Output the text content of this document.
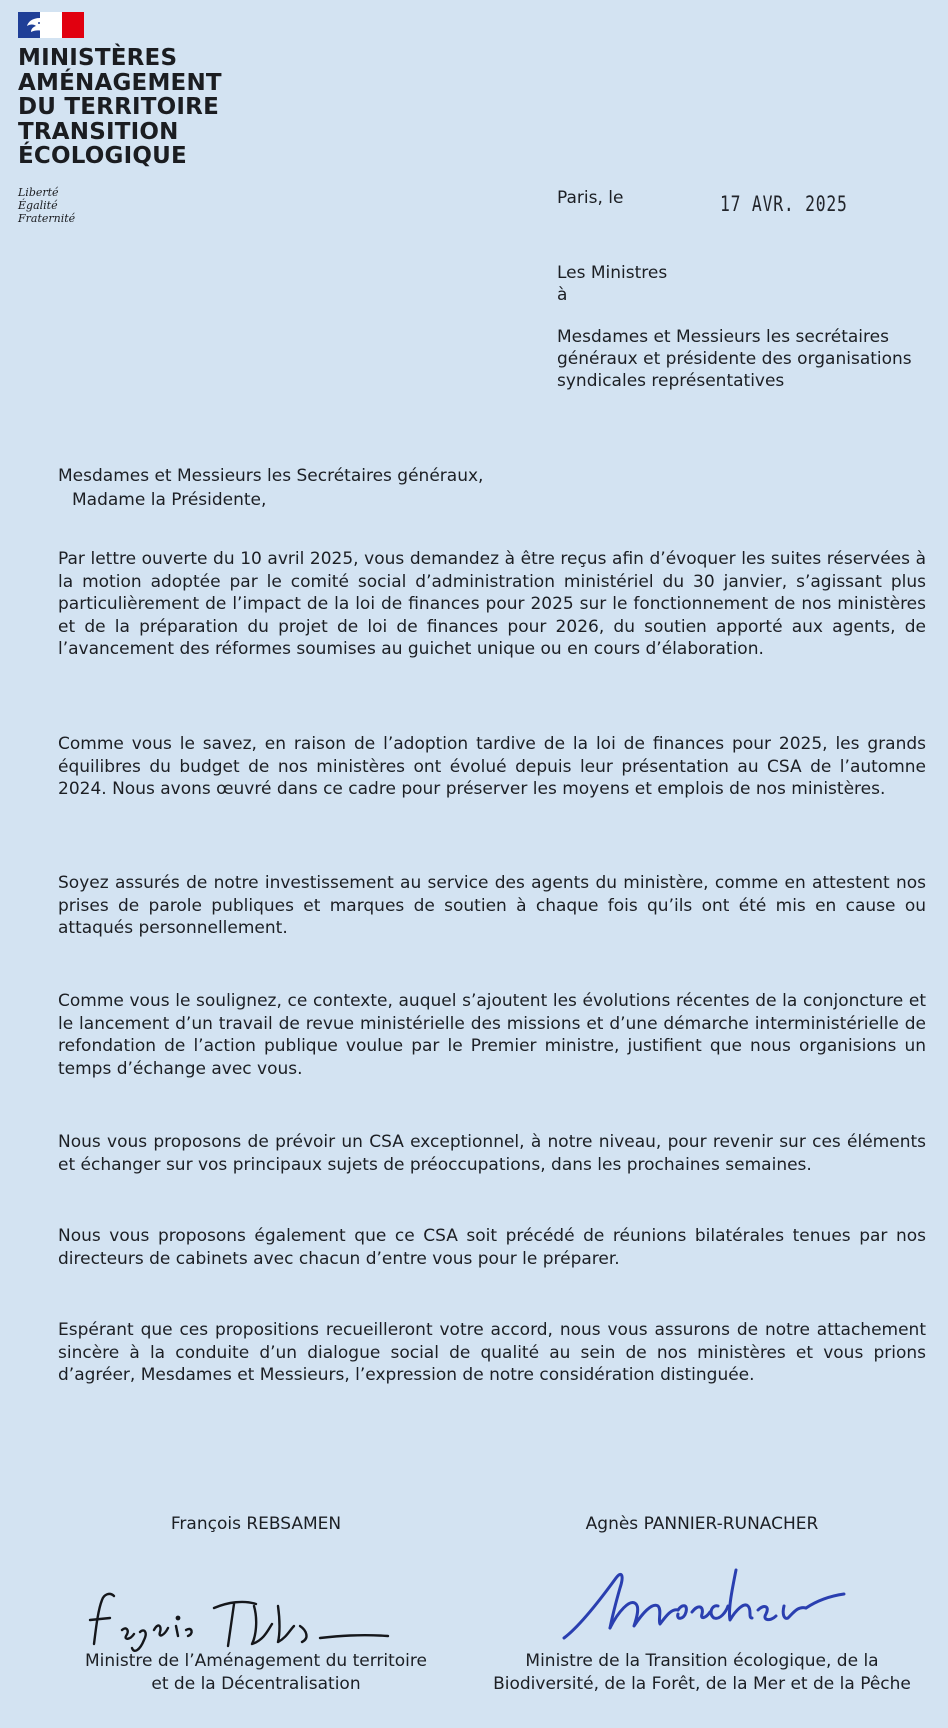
MINISTÈRES
AMÉNAGEMENT
DU TERRITOIRE
TRANSITION
ÉCOLOGIQUE
Liberté
Égalité
Fraternité
Paris, le	17 AVR. 2025
Les Ministres
à
Mesdames et Messieurs les secrétaires
généraux et présidente des organisations
syndicales représentatives
Mesdames et Messieurs les Secrétaires généraux,
Madame la Présidente,
Par lettre ouverte du 10 avril 2025, vous demandez à être reçus afin d’évoquer les suites réservées à la motion adoptée par le comité social d’administration ministériel du 30 janvier, s’agissant plus particulièrement de l’impact de la loi de finances pour 2025 sur le fonctionnement de nos ministères et de la préparation du projet de loi de finances pour 2026, du soutien apporté aux agents, de l’avancement des réformes soumises au guichet unique ou en cours d’élaboration.
Comme vous le savez, en raison de l’adoption tardive de la loi de finances pour 2025, les grands équilibres du budget de nos ministères ont évolué depuis leur présentation au CSA de l’automne 2024. Nous avons œuvré dans ce cadre pour préserver les moyens et emplois de nos ministères.
Soyez assurés de notre investissement au service des agents du ministère, comme en attestent nos prises de parole publiques et marques de soutien à chaque fois qu’ils ont été mis en cause ou attaqués personnellement.
Comme vous le soulignez, ce contexte, auquel s’ajoutent les évolutions récentes de la conjoncture et le lancement d’un travail de revue ministérielle des missions et d’une démarche interministérielle de refondation de l’action publique voulue par le Premier ministre, justifient que nous organisions un temps d’échange avec vous.
Nous vous proposons de prévoir un CSA exceptionnel, à notre niveau, pour revenir sur ces éléments et échanger sur vos principaux sujets de préoccupations, dans les prochaines semaines.
Nous vous proposons également que ce CSA soit précédé de réunions bilatérales tenues par nos directeurs de cabinets avec chacun d’entre vous pour le préparer.
Espérant que ces propositions recueilleront votre accord, nous vous assurons de notre attachement sincère à la conduite d’un dialogue social de qualité au sein de nos ministères et vous prions d’agréer, Mesdames et Messieurs, l’expression de notre considération distinguée.
François REBSAMEN	Agnès PANNIER-RUNACHER
Ministre de l’Aménagement du territoire
et de la Décentralisation
Ministre de la Transition écologique, de la
Biodiversité, de la Forêt, de la Mer et de la Pêche
